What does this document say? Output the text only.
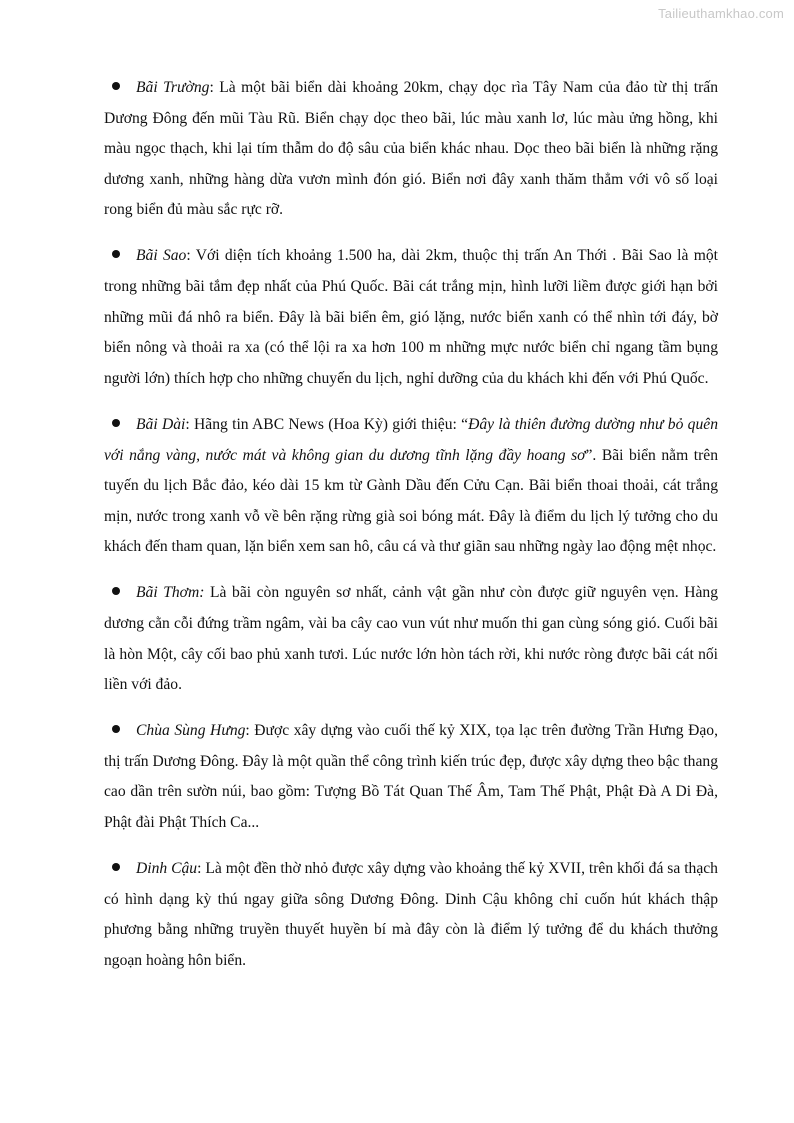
Tailieuthamkhao.com

Bãi Trường: Là một bãi biển dài khoảng 20km, chạy dọc rìa Tây Nam của đảo từ thị trấn Dương Đông đến mũi Tàu Rũ. Biển chạy dọc theo bãi, lúc màu xanh lơ, lúc màu ửng hồng, khi màu ngọc thạch, khi lại tím thẫm do độ sâu của biển khác nhau. Dọc theo bãi biển là những rặng dương xanh, những hàng dừa vươn mình đón gió. Biển nơi đây xanh thăm thẳm với vô số loại rong biển đủ màu sắc rực rỡ.

Bãi Sao: Với diện tích khoảng 1.500 ha, dài 2km, thuộc thị trấn An Thới . Bãi Sao là một trong những bãi tắm đẹp nhất của Phú Quốc. Bãi cát trắng mịn, hình lưỡi liềm được giới hạn bởi những mũi đá nhô ra biển. Đây là bãi biển êm, gió lặng, nước biển xanh có thể nhìn tới đáy, bờ biển nông và thoải ra xa (có thể lội ra xa hơn 100 m những mực nước biển chỉ ngang tầm bụng người lớn) thích hợp cho những chuyến du lịch, nghỉ dưỡng của du khách khi đến với Phú Quốc.

Bãi Dài: Hãng tin ABC News (Hoa Kỳ) giới thiệu: “Đây là thiên đường dường như bỏ quên với nắng vàng, nước mát và không gian du dương tĩnh lặng đầy hoang sơ”. Bãi biển nằm trên tuyến du lịch Bắc đảo, kéo dài 15 km từ Gành Dầu đến Cửu Cạn. Bãi biển thoai thoải, cát trắng mịn, nước trong xanh vỗ về bên rặng rừng già soi bóng mát. Đây là điểm du lịch lý tưởng cho du khách đến tham quan, lặn biển xem san hô, câu cá và thư giãn sau những ngày lao động mệt nhọc.

Bãi Thơm: Là bãi còn nguyên sơ nhất, cảnh vật gần như còn được giữ nguyên vẹn. Hàng dương cằn cỗi đứng trầm ngâm, vài ba cây cao vun vút như muốn thi gan cùng sóng gió. Cuối bãi là hòn Một, cây cối bao phủ xanh tươi. Lúc nước lớn hòn tách rời, khi nước ròng được bãi cát nối liền với đảo.

Chùa Sùng Hưng: Được xây dựng vào cuối thế kỷ XIX, tọa lạc trên đường Trần Hưng Đạo, thị trấn Dương Đông. Đây là một quần thể công trình kiến trúc đẹp, được xây dựng theo bậc thang cao dần trên sườn núi, bao gồm: Tượng Bồ Tát Quan Thế Âm, Tam Thế Phật, Phật Đà A Di Đà, Phật đài Phật Thích Ca...

Dinh Cậu: Là một đền thờ nhỏ được xây dựng vào khoảng thế kỷ XVII, trên khối đá sa thạch có hình dạng kỳ thú ngay giữa sông Dương Đông. Dinh Cậu không chỉ cuốn hút khách thập phương bằng những truyền thuyết huyền bí mà đây còn là điểm lý tưởng để du khách thưởng ngoạn hoàng hôn biển.
